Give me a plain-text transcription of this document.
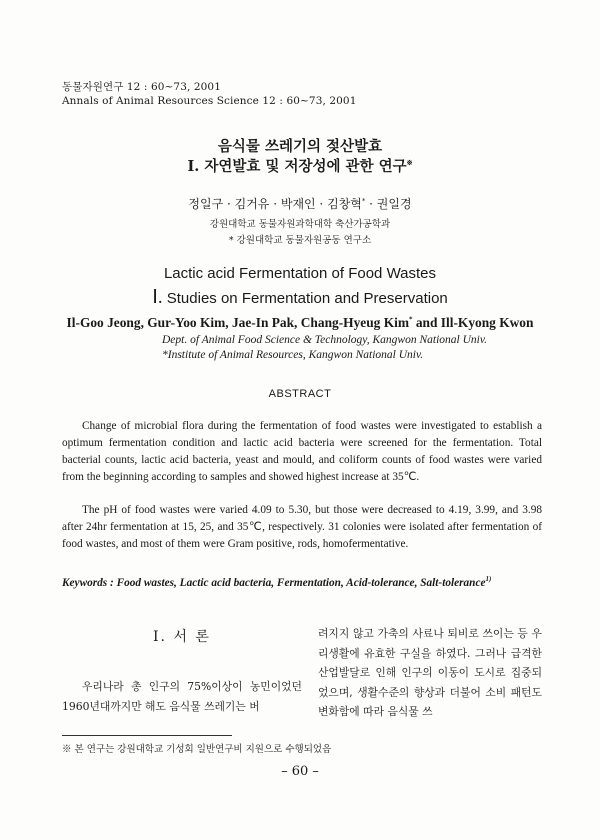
동물자원연구 12 : 60~73, 2001
Annals of Animal Resources Science 12 : 60~73, 2001
음식물 쓰레기의 젖산발효
Ⅰ. 자연발효 및 저장성에 관한 연구※
정일구 · 김거유 · 박재인 · 김창혁* · 권일경
강원대학교 동물자원과학대학 축산가공학과
* 강원대학교 동물자원공동 연구소
Lactic acid Fermentation of Food Wastes
Ⅰ. Studies on Fermentation and Preservation
Il-Goo Jeong, Gur-Yoo Kim, Jae-In Pak, Chang-Hyeug Kim* and Ill-Kyong Kwon
Dept. of Animal Food Science & Technology, Kangwon National Univ.
*Institute of Animal Resources, Kangwon National Univ.
ABSTRACT
Change of microbial flora during the fermentation of food wastes were investigated to establish a optimum fermentation condition and lactic acid bacteria were screened for the fermentation. Total bacterial counts, lactic acid bacteria, yeast and mould, and coliform counts of food wastes were varied from the beginning according to samples and showed highest increase at 35℃.
The pH of food wastes were varied 4.09 to 5.30, but those were decreased to 4.19, 3.99, and 3.98 after 24hr fermentation at 15, 25, and 35℃, respectively. 31 colonies were isolated after fermentation of food wastes, and most of them were Gram positive, rods, homofermentative.
Keywords : Food wastes, Lactic acid bacteria, Fermentation, Acid-tolerance, Salt-tolerance$^{1)}$
Ⅰ. 서 론
우리나라 총 인구의 75%이상이 농민이었던 1960년대까지만 해도 음식물 쓰레기는 버
려지지 않고 가축의 사료나 퇴비로 쓰이는 등 우리생활에 유효한 구실을 하였다. 그러나 급격한 산업발달로 인해 인구의 이동이 도시로 집중되었으며, 생활수준의 향상과 더불어 소비 패턴도 변화함에 따라 음식물 쓰
※ 본 연구는 강원대학교 기성회 일반연구비 지원으로 수행되었음
– 60 –
